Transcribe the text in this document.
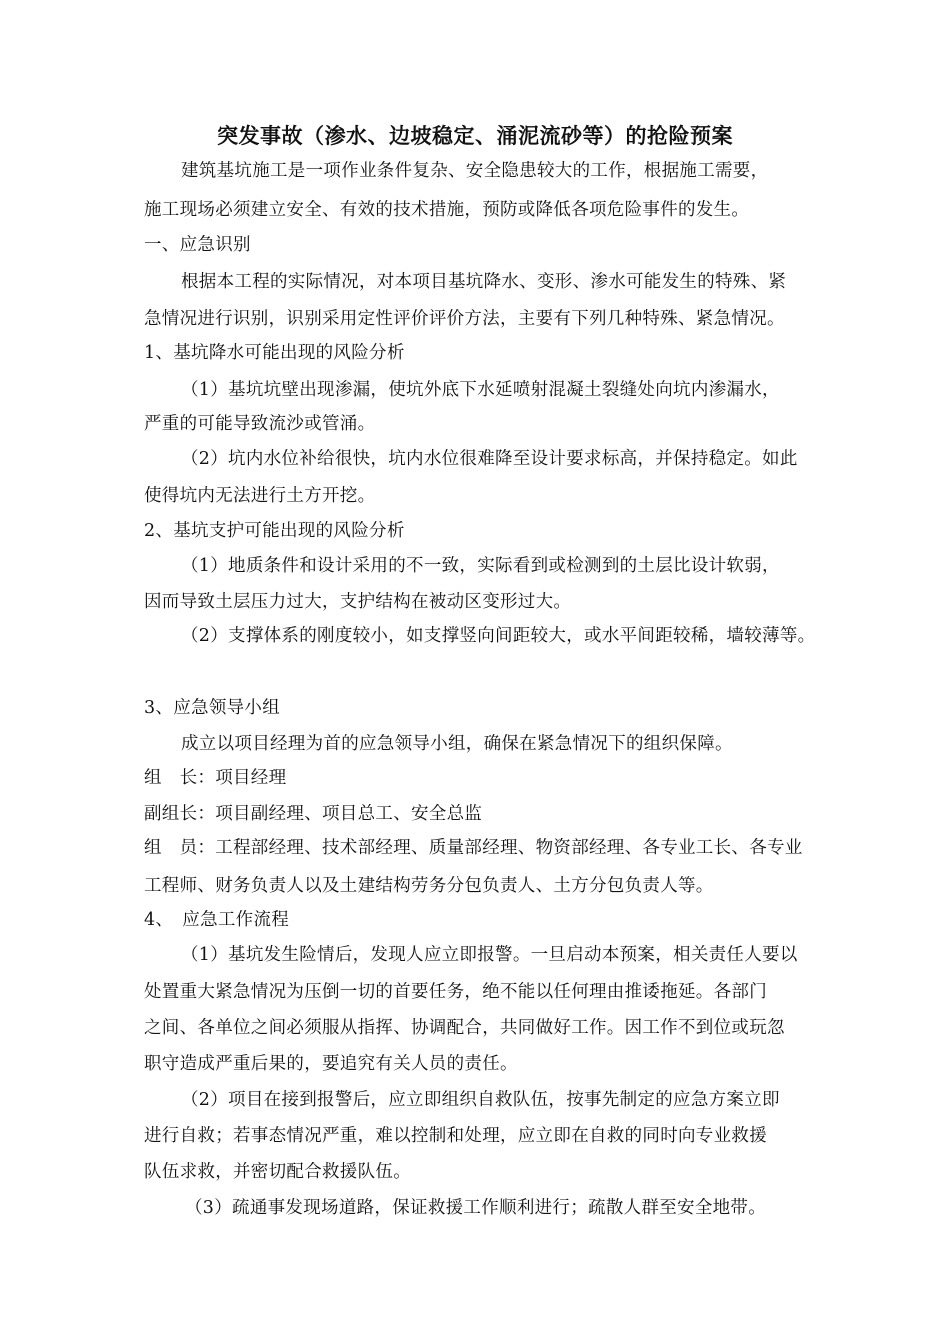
突发事故（渗水、边坡稳定、涌泥流砂等）的抢险预案
建筑基坑施工是一项作业条件复杂、安全隐患较大的工作，根据施工需要，
施工现场必须建立安全、有效的技术措施，预防或降低各项危险事件的发生。
一、应急识别
根据本工程的实际情况，对本项目基坑降水、变形、渗水可能发生的特殊、紧
急情况进行识别，识别采用定性评价评价方法，主要有下列几种特殊、紧急情况。
1、基坑降水可能出现的风险分析
（1）基坑坑壁出现渗漏，使坑外底下水延喷射混凝土裂缝处向坑内渗漏水，
严重的可能导致流沙或管涌。
（2）坑内水位补给很快，坑内水位很难降至设计要求标高，并保持稳定。如此
使得坑内无法进行土方开挖。
2、基坑支护可能出现的风险分析
（1）地质条件和设计采用的不一致，实际看到或检测到的土层比设计软弱，
因而导致土层压力过大，支护结构在被动区变形过大。
（2）支撑体系的刚度较小，如支撑竖向间距较大，或水平间距较稀，墙较薄等。
3、应急领导小组
成立以项目经理为首的应急领导小组，确保在紧急情况下的组织保障。
组　长：项目经理
副组长：项目副经理、项目总工、安全总监
组　员：工程部经理、技术部经理、质量部经理、物资部经理、各专业工长、各专业
工程师、财务负责人以及土建结构劳务分包负责人、土方分包负责人等。
4、　应急工作流程
（1）基坑发生险情后，发现人应立即报警。一旦启动本预案，相关责任人要以
处置重大紧急情况为压倒一切的首要任务，绝不能以任何理由推诿拖延。各部门
之间、各单位之间必须服从指挥、协调配合，共同做好工作。因工作不到位或玩忽
职守造成严重后果的，要追究有关人员的责任。
（2）项目在接到报警后，应立即组织自救队伍，按事先制定的应急方案立即
进行自救；若事态情况严重，难以控制和处理，应立即在自救的同时向专业救援
队伍求救，并密切配合救援队伍。
（3）疏通事发现场道路，保证救援工作顺利进行；疏散人群至安全地带。
